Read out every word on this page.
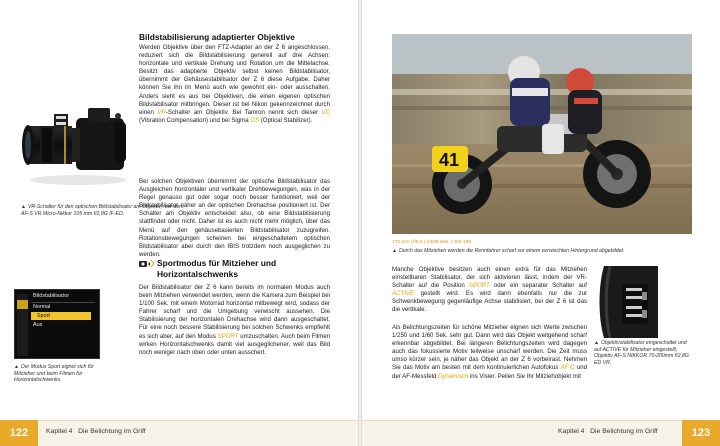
▲ VR-Schalter für den optischen Bildstabilisator am Objektiv, hier dem AF-S VR Micro-Nikkor 105 mm f/2,8G IF-ED.
Bildstabilisierung adaptierter Objektive

Werden Objektive über den FTZ-Adapter an der Z 6 angeschlossen, reduziert sich die Bildstabilisierung generell auf drei Achsen: horizontale und vertikale Drehung und Rotation um die Mittelachse. Besitzt das adaptierte Objektiv selbst keinen Bildstabilisator, übernimmt der Gehäusestabilisator der Z 6 diese Aufgabe. Daher können Sie ihn im Menü auch wie gewohnt ein- oder ausschalten. Anders sieht es aus bei Objektiven, die einen eigenen optischen Bildstabilisator mitbringen. Dieser ist bei Nikon gekennzeichnet durch einen VR-Schalter am Objektiv. Bei Tamron nennt sich dieser VC (Vibration Compensation) und bei Sigma OS (Optical Stabilizer).

Bei solchen Objektiven übernimmt der optische Bildstabilisator das Ausgleichen horizontaler und vertikaler Drehbewegungen, was in der Regel genauso gut oder sogar noch besser funktioniert, weil der Bildstabilisator näher an der optischen Drehachse positioniert ist. Der Schalter am Objektiv entscheidet also, ob eine Bildstabilisierung stattfindet oder nicht. Daher ist es auch nicht mehr möglich, über das Menü auf den gehäusebasierten Bildstabilisator zuzugreifen. Rotationsbewegungen scheinen bei eingeschaltetem optischen Bildstabilisator aber durch den IBIS trotzdem noch ausgeglichen zu werden.

Bildstabilisator
Normal
Sport
Aus
▲ Der Modus Sport eignet sich für Mitzieher und beim Filmen für Horizontalschwenks.
Sportmodus für Mitzieher und Horizontalschwenks

Der Bildstabilisator der Z 6 kann bereits im normalen Modus auch beim Mitziehen verwendet werden, wenn die Kamera zum Beispiel bei 1/100 Sek. mit einem Motorrad horizontal mitbewegt wird, sodass der Fahrer scharf und die Umgebung verwischt aussehen. Die Stabilisierung der horizontalen Drehachse wird dann ausgeschaltet. Für eine noch bessere Stabilisierung bei solchen Schwenks empfiehlt es sich aber, auf den Modus SPORT umzuschalten. Auch beim Filmen wirken Horizontalschwenks damit viel ausgeglichener, weil das Bild noch weniger nach oben oder unten ausschert.

122	Kapitel 4   Die Belichtung im Griff
41
170 mm | f/5,6 | 1/100 Sek. | ISO 100
▲ Durch das Mitziehen werden die Rennfahrer scharf vor einem verwischten Hintergrund abgebildet.

Manche Objektive besitzen auch einen extra für das Mitziehen einstellbaren Stabilisator, der sich aktivieren lässt, indem der VR-Schalter auf die Position SPORT oder ein separater Schalter auf ACTIVE gestellt wird. Es wird dann ebenfalls nur die zur Schwenkbewegung gegenläufige Achse stabilisiert, bei der Z 6 ist das die vertikale.

Als Belichtungszeiten für schöne Mitzieher eignen sich Werte zwischen 1/250 und 1/60 Sek. sehr gut. Dann wird das Objekt weitgehend scharf erkennbar abgebildet. Bei längeren Belichtungszeiten wird dagegen auch das fokussierte Motiv teilweise unscharf werden. Die Zeit muss umso kürzer sein, je näher das Objekt an der Z 6 vorbeirast. Nehmen Sie das Motiv am besten mit dem kontinuierlichen Autofokus AF-C und der AF-Messfeld Dynamisch ins Visier. Peilen Sie Ihr Mitziehobjekt mit

▲ Objektivstabilisator eingeschaltet und auf ACTIVE für Mitzieher eingestellt, Objektiv AF-S NIKKOR 70-200mm f/2,8G ED VR.
Kapitel 4   Die Belichtung im Griff	123
